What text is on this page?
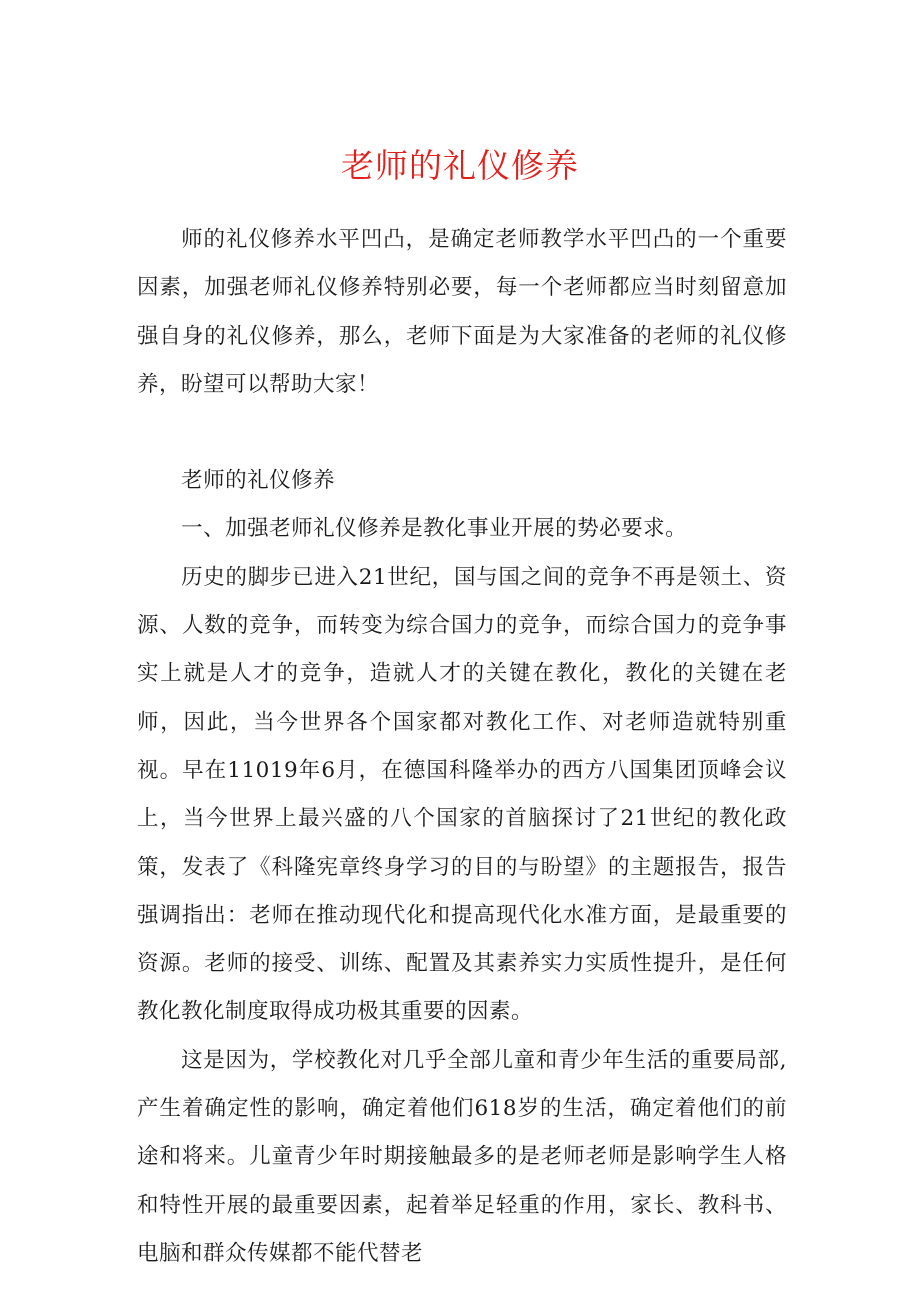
老师的礼仪修养

师的礼仪修养水平凹凸，是确定老师教学水平凹凸的一个重要因素，加强老师礼仪修养特别必要，每一个老师都应当时刻留意加强自身的礼仪修养，那么，老师下面是为大家准备的老师的礼仪修养，盼望可以帮助大家！

老师的礼仪修养

一、加强老师礼仪修养是教化事业开展的势必要求。

历史的脚步已进入21世纪，国与国之间的竞争不再是领土、资源、人数的竞争，而转变为综合国力的竞争，而综合国力的竞争事实上就是人才的竞争，造就人才的关键在教化，教化的关键在老师，因此，当今世界各个国家都对教化工作、对老师造就特别重视。早在11019年6月，在德国科隆举办的西方八国集团顶峰会议上，当今世界上最兴盛的八个国家的首脑探讨了21世纪的教化政策，发表了《科隆宪章终身学习的目的与盼望》的主题报告，报告强调指出：老师在推动现代化和提高现代化水准方面，是最重要的资源。老师的接受、训练、配置及其素养实力实质性提升，是任何教化教化制度取得成功极其重要的因素。

这是因为，学校教化对几乎全部儿童和青少年生活的重要局部,产生着确定性的影响，确定着他们618岁的生活，确定着他们的前途和将来。儿童青少年时期接触最多的是老师老师是影响学生人格和特性开展的最重要因素，起着举足轻重的作用，家长、教科书、电脑和群众传媒都不能代替老
